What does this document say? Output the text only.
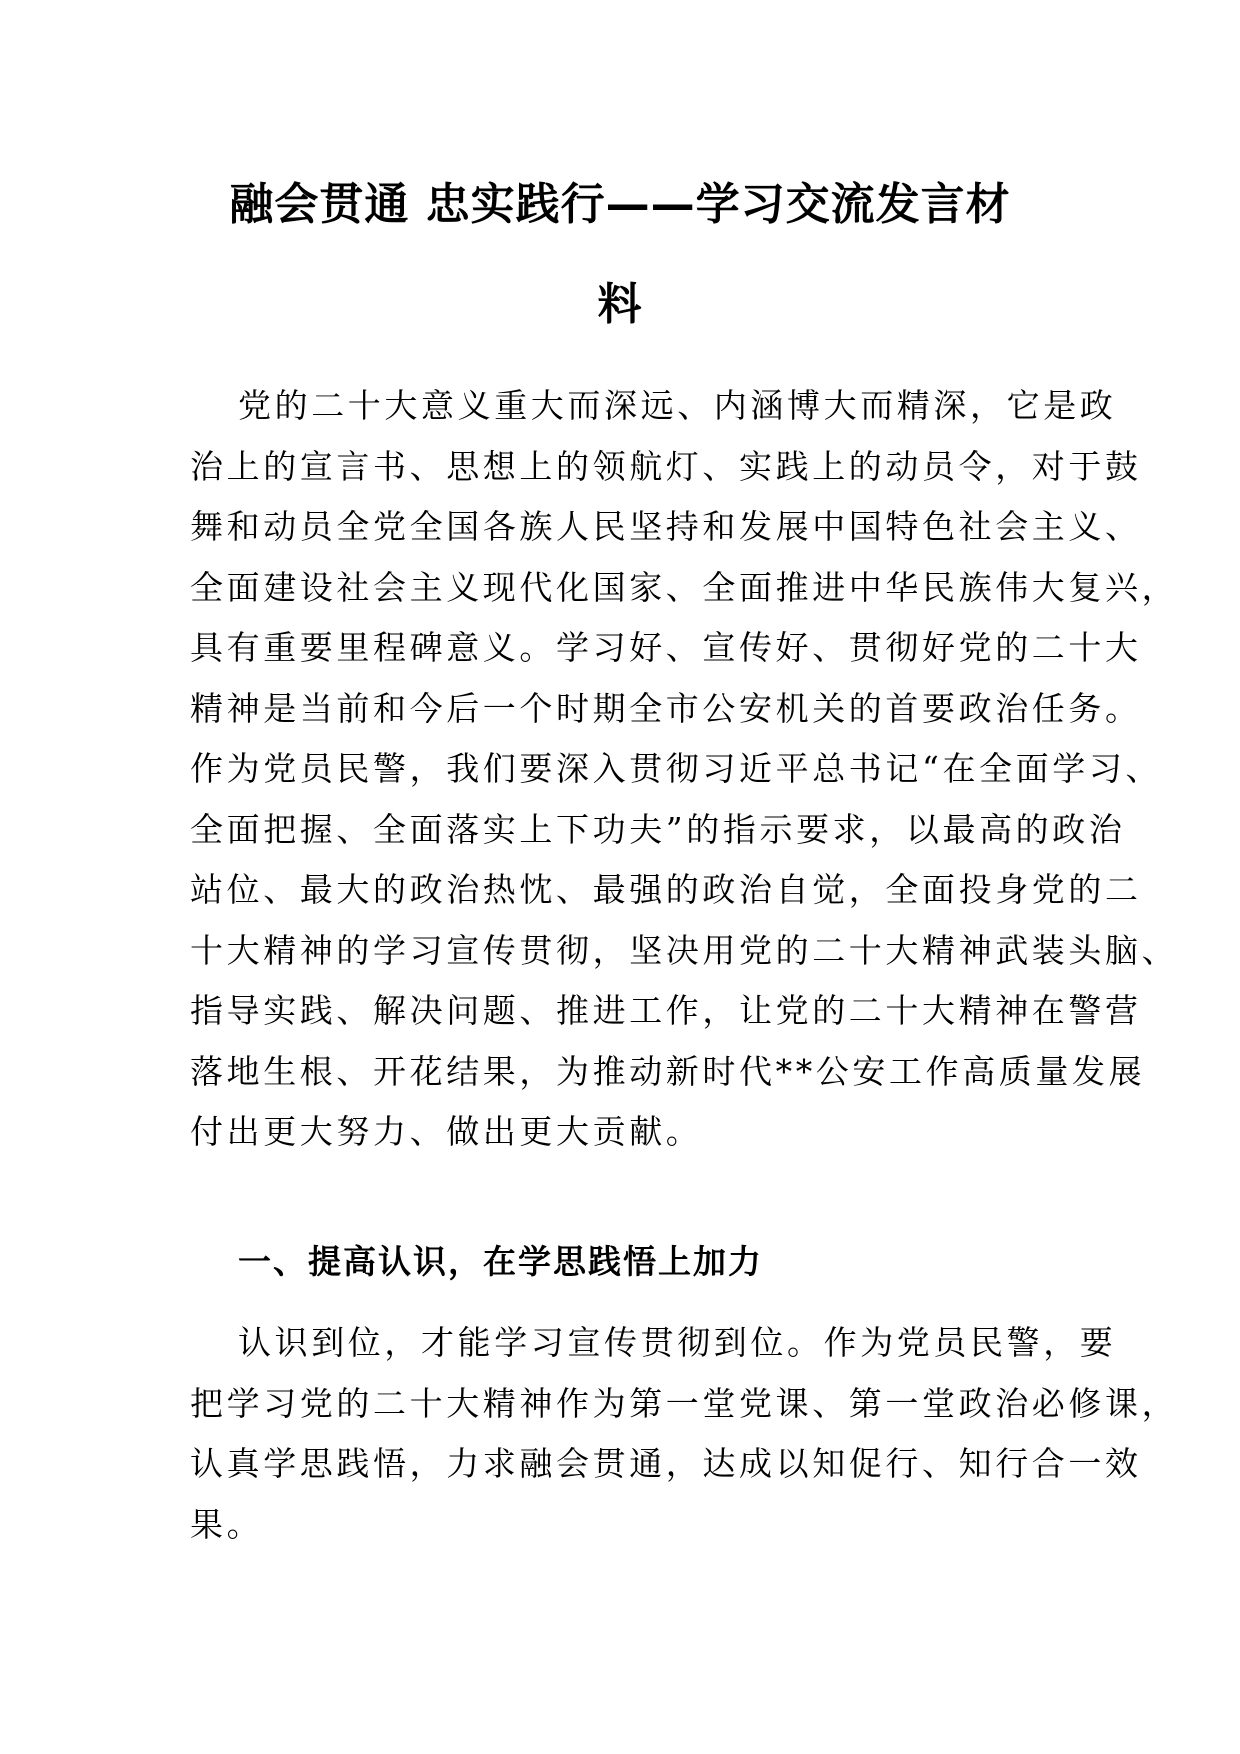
融会贯通 忠实践行——学习交流发言材
料
党的二十大意义重大而深远、内涵博大而精深，它是政
治上的宣言书、思想上的领航灯、实践上的动员令，对于鼓
舞和动员全党全国各族人民坚持和发展中国特色社会主义、
全面建设社会主义现代化国家、全面推进中华民族伟大复兴，
具有重要里程碑意义。学习好、宣传好、贯彻好党的二十大
精神是当前和今后一个时期全市公安机关的首要政治任务。
作为党员民警，我们要深入贯彻习近平总书记“在全面学习、
全面把握、全面落实上下功夫”的指示要求，以最高的政治
站位、最大的政治热忱、最强的政治自觉，全面投身党的二
十大精神的学习宣传贯彻，坚决用党的二十大精神武装头脑、
指导实践、解决问题、推进工作，让党的二十大精神在警营
落地生根、开花结果，为推动新时代**公安工作高质量发展
付出更大努力、做出更大贡献。
一、提高认识，在学思践悟上加力
认识到位，才能学习宣传贯彻到位。作为党员民警，要
把学习党的二十大精神作为第一堂党课、第一堂政治必修课，
认真学思践悟，力求融会贯通，达成以知促行、知行合一效
果。
